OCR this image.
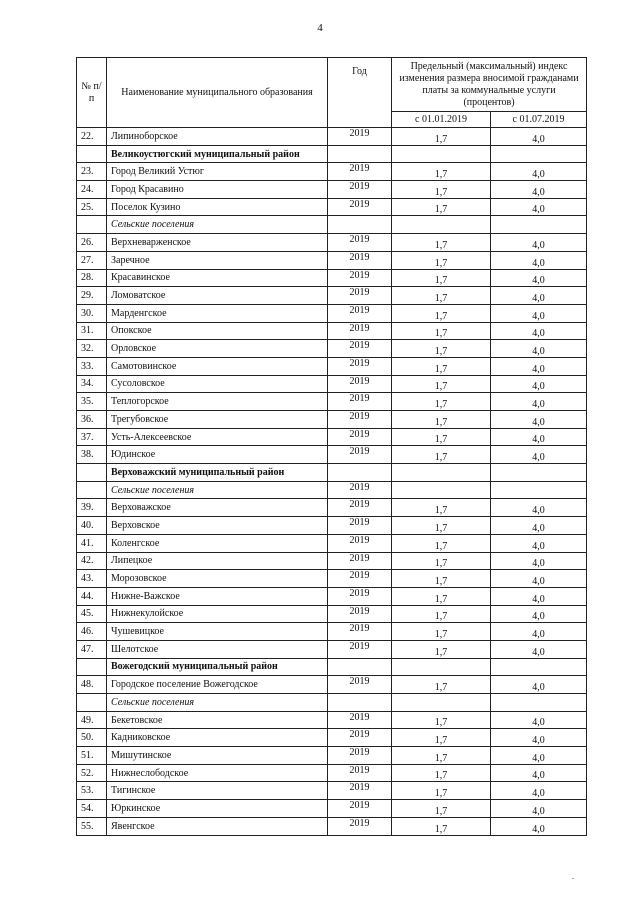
4
№ п/п	Наименование муниципального образования	Год	Предельный (максимальный) индекс изменения размера вносимой гражданами платы за коммунальные услуги (процентов)	
			с 01.01.2019	с 01.07.2019
22.	Липиноборское	2019	1,7	4,0
	Великоустюгский муниципальный район			
23.	Город Великий Устюг	2019	1,7	4,0
24.	Город Красавино	2019	1,7	4,0
25.	Поселок Кузино	2019	1,7	4,0
	Сельские поселения			
26.	Верхневарженское	2019	1,7	4,0
27.	Заречное	2019	1,7	4,0
28.	Красавинское	2019	1,7	4,0
29.	Ломоватское	2019	1,7	4,0
30.	Марденгское	2019	1,7	4,0
31.	Опокское	2019	1,7	4,0
32.	Орловское	2019	1,7	4,0
33.	Самотовинское	2019	1,7	4,0
34.	Сусоловское	2019	1,7	4,0
35.	Теплогорское	2019	1,7	4,0
36.	Трегубовское	2019	1,7	4,0
37.	Усть-Алексеевское	2019	1,7	4,0
38.	Юдинское	2019	1,7	4,0
	Верховажский муниципальный район			
	Сельские поселения	2019		
39.	Верховажское	2019	1,7	4,0
40.	Верховское	2019	1,7	4,0
41.	Коленгское	2019	1,7	4,0
42.	Липецкое	2019	1,7	4,0
43.	Морозовское	2019	1,7	4,0
44.	Нижне-Важское	2019	1,7	4,0
45.	Нижнекулойское	2019	1,7	4,0
46.	Чушевицкое	2019	1,7	4,0
47.	Шелотское	2019	1,7	4,0
	Вожегодский муниципальный район			
48.	Городское поселение Вожегодское	2019	1,7	4,0
	Сельские поселения			
49.	Бекетовское	2019	1,7	4,0
50.	Кадниковское	2019	1,7	4,0
51.	Мишутинское	2019	1,7	4,0
52.	Нижнеслободское	2019	1,7	4,0
53.	Тигинское	2019	1,7	4,0
54.	Юркинское	2019	1,7	4,0
55.	Явенгское	2019	1,7	4,0
.
